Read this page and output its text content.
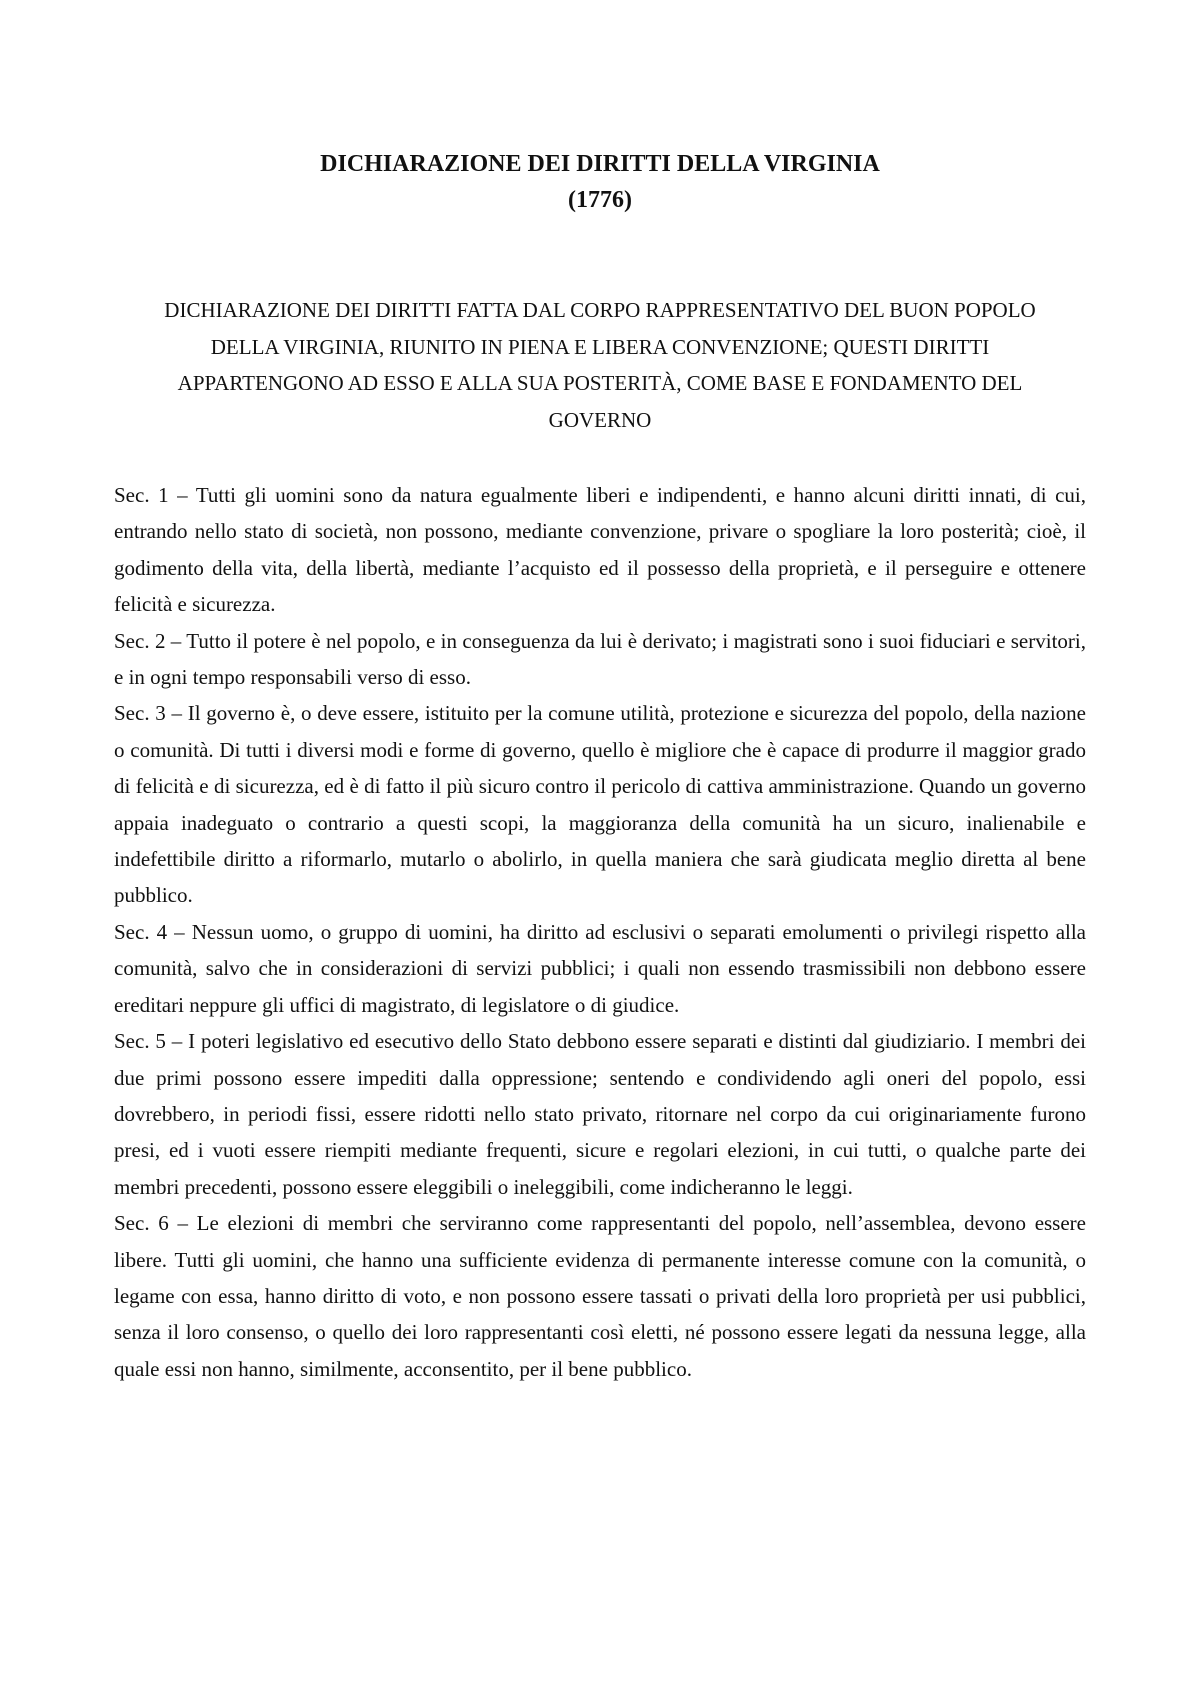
DICHIARAZIONE DEI DIRITTI DELLA VIRGINIA
(1776)

DICHIARAZIONE DEI DIRITTI FATTA DAL CORPO RAPPRESENTATIVO DEL BUON POPOLO DELLA VIRGINIA, RIUNITO IN PIENA E LIBERA CONVENZIONE; QUESTI DIRITTI APPARTENGONO AD ESSO E ALLA SUA POSTERITÀ, COME BASE E FONDAMENTO DEL GOVERNO

Sec. 1 – Tutti gli uomini sono da natura egualmente liberi e indipendenti, e hanno alcuni diritti innati, di cui, entrando nello stato di società, non possono, mediante convenzione, privare o spogliare la loro posterità; cioè, il godimento della vita, della libertà, mediante l’acquisto ed il possesso della proprietà, e il perseguire e ottenere felicità e sicurezza.

Sec. 2 – Tutto il potere è nel popolo, e in conseguenza da lui è derivato; i magistrati sono i suoi fiduciari e servitori, e in ogni tempo responsabili verso di esso.

Sec. 3 – Il governo è, o deve essere, istituito per la comune utilità, protezione e sicurezza del popolo, della nazione o comunità. Di tutti i diversi modi e forme di governo, quello è migliore che è capace di produrre il maggior grado di felicità e di sicurezza, ed è di fatto il più sicuro contro il pericolo di cattiva amministrazione. Quando un governo appaia inadeguato o contrario a questi scopi, la maggioranza della comunità ha un sicuro, inalienabile e indefettibile diritto a riformarlo, mutarlo o abolirlo, in quella maniera che sarà giudicata meglio diretta al bene pubblico.

Sec. 4 – Nessun uomo, o gruppo di uomini, ha diritto ad esclusivi o separati emolumenti o privilegi rispetto alla comunità, salvo che in considerazioni di servizi pubblici; i quali non essendo trasmissibili non debbono essere ereditari neppure gli uffici di magistrato, di legislatore o di giudice.

Sec. 5 – I poteri legislativo ed esecutivo dello Stato debbono essere separati e distinti dal giudiziario. I membri dei due primi possono essere impediti dalla oppressione; sentendo e condividendo agli oneri del popolo, essi dovrebbero, in periodi fissi, essere ridotti nello stato privato, ritornare nel corpo da cui originariamente furono presi, ed i vuoti essere riempiti mediante frequenti, sicure e regolari elezioni, in cui tutti, o qualche parte dei membri precedenti, possono essere eleggibili o ineleggibili, come indicheranno le leggi.

Sec. 6 – Le elezioni di membri che serviranno come rappresentanti del popolo, nell’assemblea, devono essere libere. Tutti gli uomini, che hanno una sufficiente evidenza di permanente interesse comune con la comunità, o legame con essa, hanno diritto di voto, e non possono essere tassati o privati della loro proprietà per usi pubblici, senza il loro consenso, o quello dei loro rappresentanti così eletti, né possono essere legati da nessuna legge, alla quale essi non hanno, similmente, acconsentito, per il bene pubblico.
